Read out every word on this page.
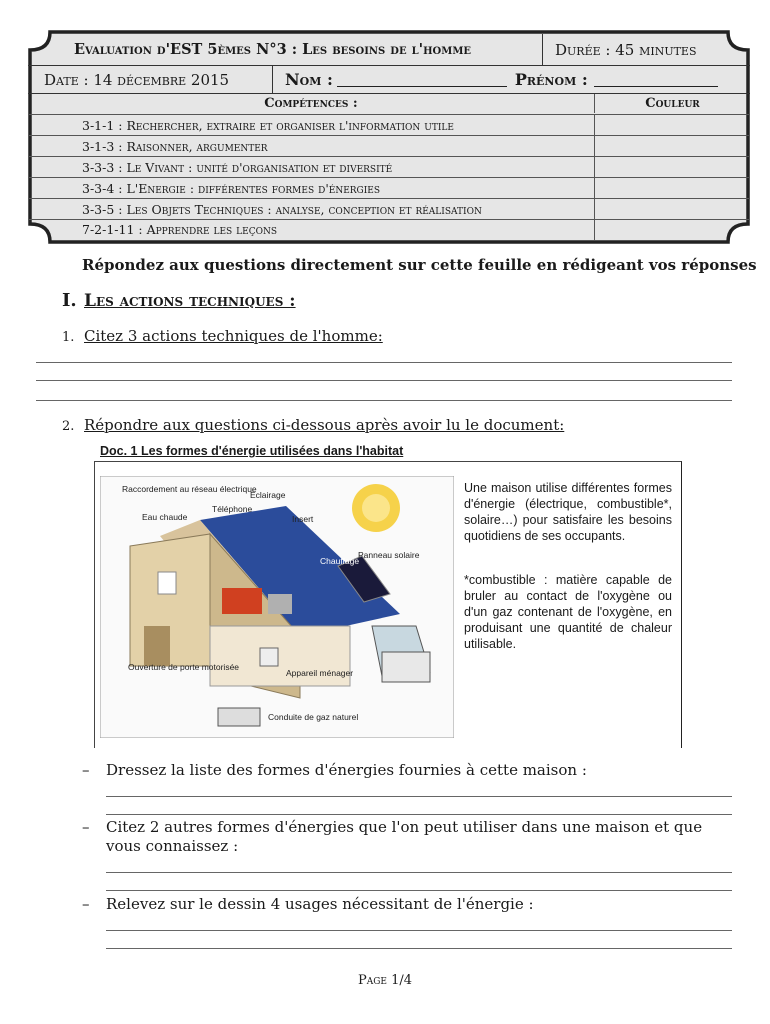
Evaluation d'EST 5èmes N°3 : Les besoins de l'homme	Durée : 45 minutes
Date : 14 décembre 2015	Nom :	Prénom :
Compétences :	Couleur
3-1-1 : Rechercher, extraire et organiser l'information utile
3-1-3 : Raisonner, argumenter
3-3-3 : Le Vivant : unité d'organisation et diversité
3-3-4 : L'Energie : différentes formes d'énergies
3-3-5 : Les Objets Techniques : analyse, conception et réalisation
7-2-1-11 : Apprendre les leçons
Répondez aux questions directement sur cette feuille en rédigeant vos réponses
I. Les actions techniques :
1. Citez 3 actions techniques de l'homme:
2. Répondre aux questions ci-dessous après avoir lu le document:
Doc. 1 Les formes d'énergie utilisées dans l'habitat
Raccordement au réseau électrique
Éclairage
Téléphone
Eau chaude	Insert
Chauffage
Panneau solaire
Ouverture de porte motorisée
Appareil ménager
Conduite de gaz naturel
Une maison utilise différentes formes d'énergie (électrique, combustible*, solaire…) pour satisfaire les besoins quotidiens de ses occupants.
*combustible : matière capable de bruler au contact de l'oxygène ou d'un gaz contenant de l'oxygène, en produisant une quantité de chaleur utilisable.
– Dressez la liste des formes d'énergies fournies à cette maison :
– Citez 2 autres formes d'énergies que l'on peut utiliser dans une maison et que vous connaissez :
– Relevez sur le dessin 4 usages nécessitant de l'énergie :
Page 1/4
